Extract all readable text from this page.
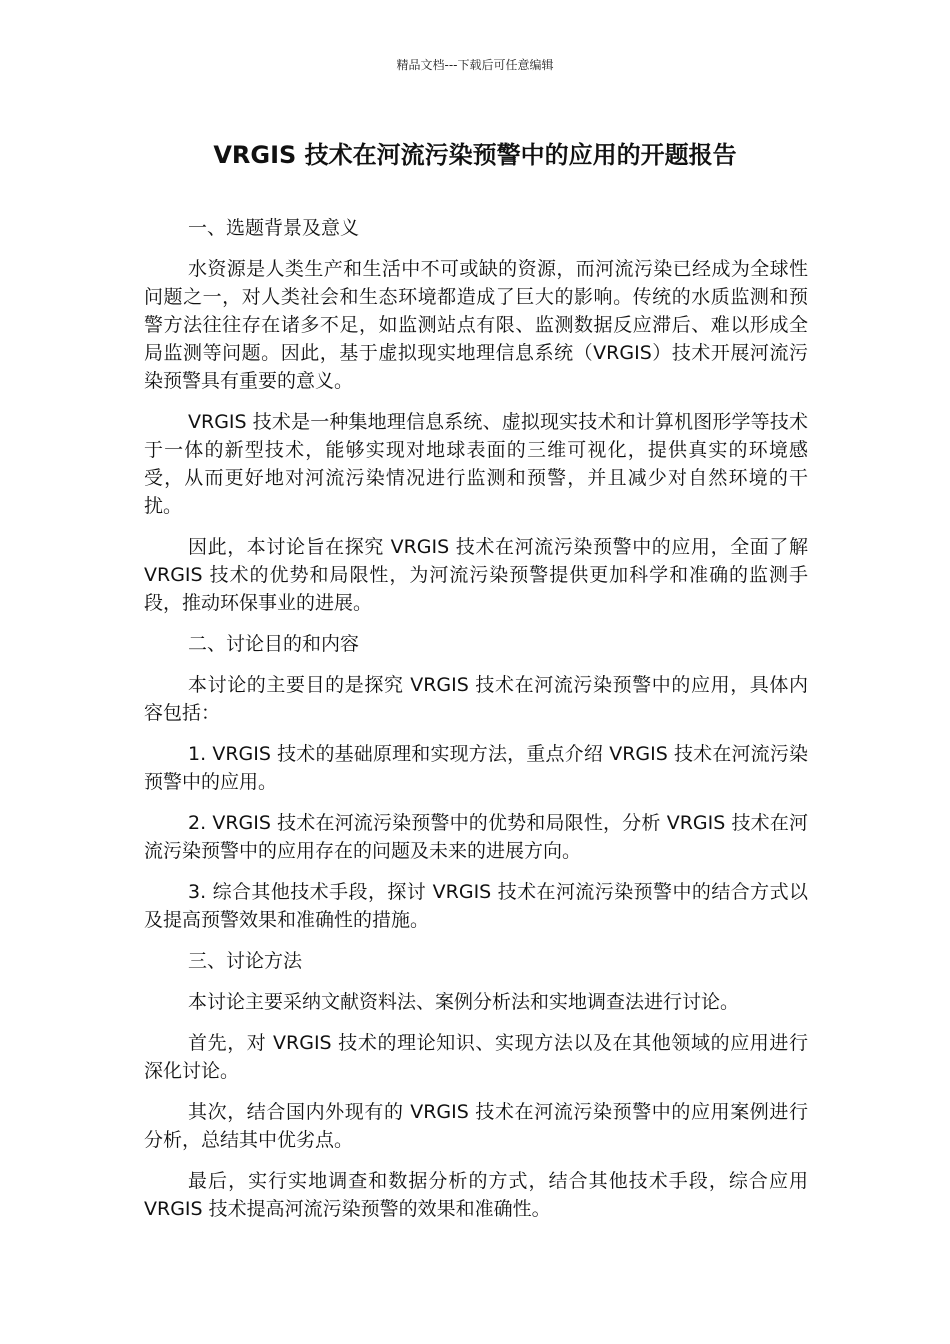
精品文档---下载后可任意编辑
VRGIS 技术在河流污染预警中的应用的开题报告

一、选题背景及意义

水资源是人类生产和生活中不可或缺的资源，而河流污染已经成为全球性问题之一，对人类社会和生态环境都造成了巨大的影响。传统的水质监测和预警方法往往存在诸多不足，如监测站点有限、监测数据反应滞后、难以形成全局监测等问题。因此，基于虚拟现实地理信息系统（VRGIS）技术开展河流污染预警具有重要的意义。

VRGIS 技术是一种集地理信息系统、虚拟现实技术和计算机图形学等技术于一体的新型技术，能够实现对地球表面的三维可视化，提供真实的环境感受，从而更好地对河流污染情况进行监测和预警，并且减少对自然环境的干扰。

因此，本讨论旨在探究 VRGIS 技术在河流污染预警中的应用，全面了解 VRGIS 技术的优势和局限性，为河流污染预警提供更加科学和准确的监测手段，推动环保事业的进展。

二、讨论目的和内容

本讨论的主要目的是探究 VRGIS 技术在河流污染预警中的应用，具体内容包括：

1. VRGIS 技术的基础原理和实现方法，重点介绍 VRGIS 技术在河流污染预警中的应用。

2. VRGIS 技术在河流污染预警中的优势和局限性，分析 VRGIS 技术在河流污染预警中的应用存在的问题及未来的进展方向。

3. 综合其他技术手段，探讨 VRGIS 技术在河流污染预警中的结合方式以及提高预警效果和准确性的措施。

三、讨论方法

本讨论主要采纳文献资料法、案例分析法和实地调查法进行讨论。

首先，对 VRGIS 技术的理论知识、实现方法以及在其他领域的应用进行深化讨论。

其次，结合国内外现有的 VRGIS 技术在河流污染预警中的应用案例进行分析，总结其中优劣点。

最后，实行实地调查和数据分析的方式，结合其他技术手段，综合应用 VRGIS 技术提高河流污染预警的效果和准确性。
